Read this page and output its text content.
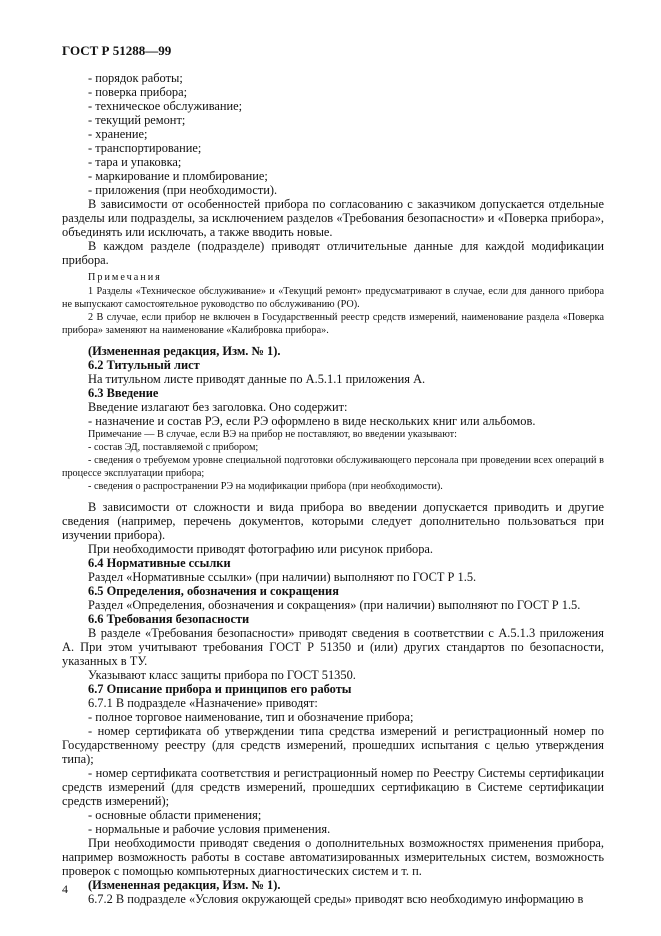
ГОСТ Р 51288—99

- порядок работы;

- поверка прибора;

- техническое обслуживание;

- текущий ремонт;

- хранение;

- транспортирование;

- тара и упаковка;

- маркирование и пломбирование;

- приложения (при необходимости).

В зависимости от особенностей прибора по согласованию с заказчиком допускается отдельные разделы или подразделы, за исключением разделов «Требования безопасности» и «Поверка прибора», объединять или исключать, а также вводить новые.

В каждом разделе (подразделе) приводят отличительные данные для каждой модификации прибора.

Примечания

1 Разделы «Техническое обслуживание» и «Текущий ремонт» предусматривают в случае, если для данного прибора не выпускают самостоятельное руководство по обслуживанию (РО).

2 В случае, если прибор не включен в Государственный реестр средств измерений, наименование раздела «Поверка прибора» заменяют на наименование «Калибровка прибора».

(Измененная редакция, Изм. № 1).

6.2 Титульный лист

На титульном листе приводят данные по А.5.1.1 приложения А.

6.3 Введение

Введение излагают без заголовка. Оно содержит:

- назначение и состав РЭ, если РЭ оформлено в виде нескольких книг или альбомов.

Примечание — В случае, если ВЭ на прибор не поставляют, во введении указывают:

- состав ЭД, поставляемой с прибором;

- сведения о требуемом уровне специальной подготовки обслуживающего персонала при проведении всех операций в процессе эксплуатации прибора;

- сведения о распространении РЭ на модификации прибора (при необходимости).

В зависимости от сложности и вида прибора во введении допускается приводить и другие сведения (например, перечень документов, которыми следует дополнительно пользоваться при изучении прибора).

При необходимости приводят фотографию или рисунок прибора.

6.4 Нормативные ссылки

Раздел «Нормативные ссылки» (при наличии) выполняют по ГОСТ Р 1.5.

6.5 Определения, обозначения и сокращения

Раздел «Определения, обозначения и сокращения» (при наличии) выполняют по ГОСТ Р 1.5.

6.6 Требования безопасности

В разделе «Требования безопасности» приводят сведения в соответствии с А.5.1.3 приложения А. При этом учитывают требования ГОСТ Р 51350 и (или) других стандартов по безопасности, указанных в ТУ.

Указывают класс защиты прибора по ГОСТ 51350.

6.7 Описание прибора и принципов его работы

6.7.1 В подразделе «Назначение» приводят:

- полное торговое наименование, тип и обозначение прибора;

- номер сертификата об утверждении типа средства измерений и регистрационный номер по Государственному реестру (для средств измерений, прошедших испытания с целью утверждения типа);

- номер сертификата соответствия и регистрационный номер по Реестру Системы сертификации средств измерений (для средств измерений, прошедших сертификацию в Системе сертификации средств измерений);

- основные области применения;

- нормальные и рабочие условия применения.

При необходимости приводят сведения о дополнительных возможностях применения прибора, например возможность работы в составе автоматизированных измерительных систем, возможность проверок с помощью компьютерных диагностических систем и т. п.

(Измененная редакция, Изм. № 1).

6.7.2 В подразделе «Условия окружающей среды» приводят всю необходимую информацию в

4
